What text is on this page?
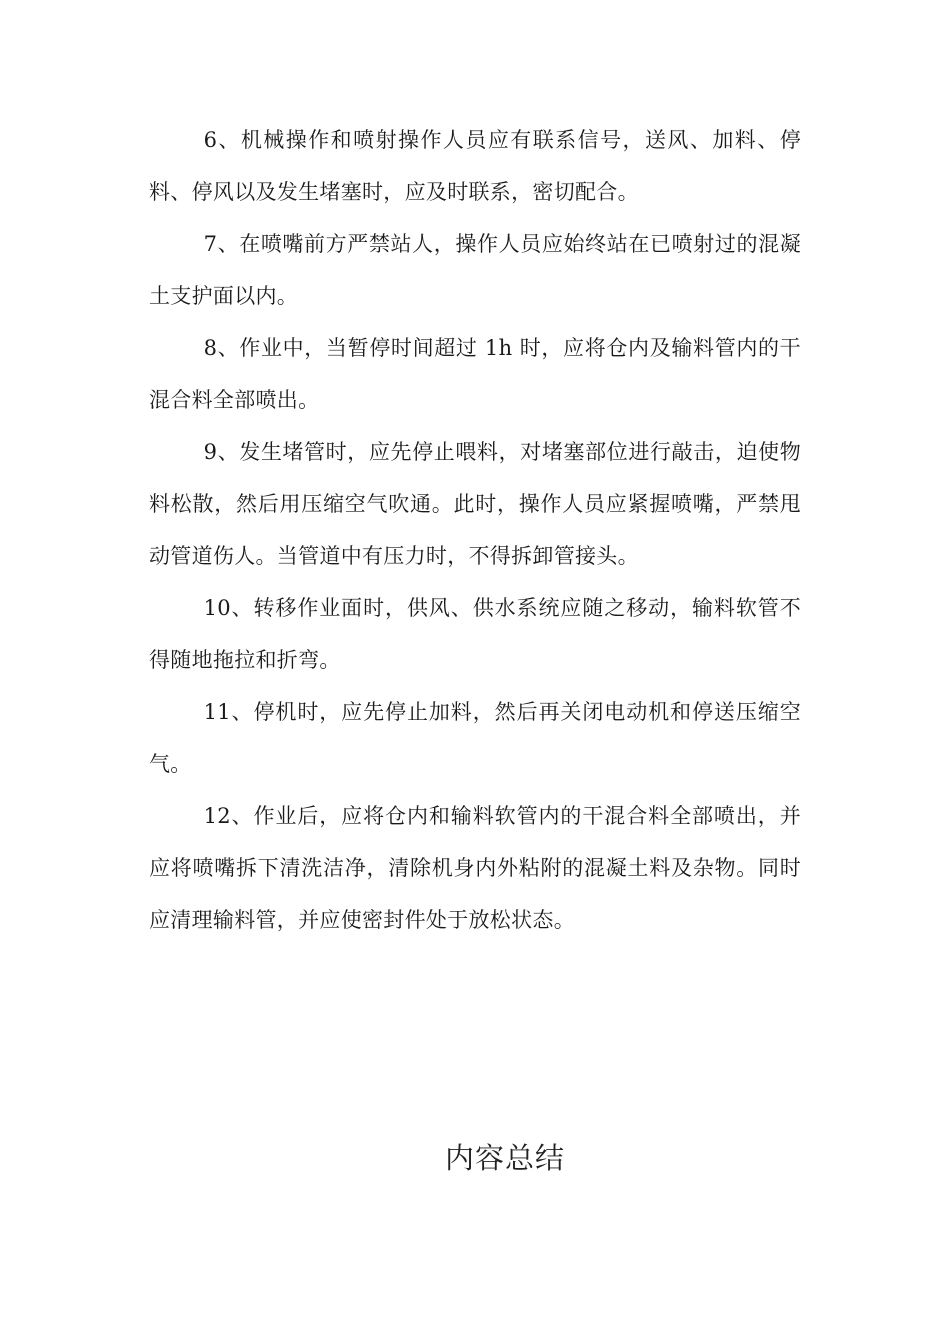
6、机械操作和喷射操作人员应有联系信号，送风、加料、停料、停风以及发生堵塞时，应及时联系，密切配合。

7、在喷嘴前方严禁站人，操作人员应始终站在已喷射过的混凝土支护面以内。

8、作业中，当暂停时间超过 1h 时，应将仓内及输料管内的干混合料全部喷出。

9、发生堵管时，应先停止喂料，对堵塞部位进行敲击，迫使物料松散，然后用压缩空气吹通。此时，操作人员应紧握喷嘴，严禁甩动管道伤人。当管道中有压力时，不得拆卸管接头。

10、转移作业面时，供风、供水系统应随之移动，输料软管不得随地拖拉和折弯。

11、停机时，应先停止加料，然后再关闭电动机和停送压缩空气。

12、作业后，应将仓内和输料软管内的干混合料全部喷出，并应将喷嘴拆下清洗洁净，清除机身内外粘附的混凝土料及杂物。同时应清理输料管，并应使密封件处于放松状态。

内容总结
